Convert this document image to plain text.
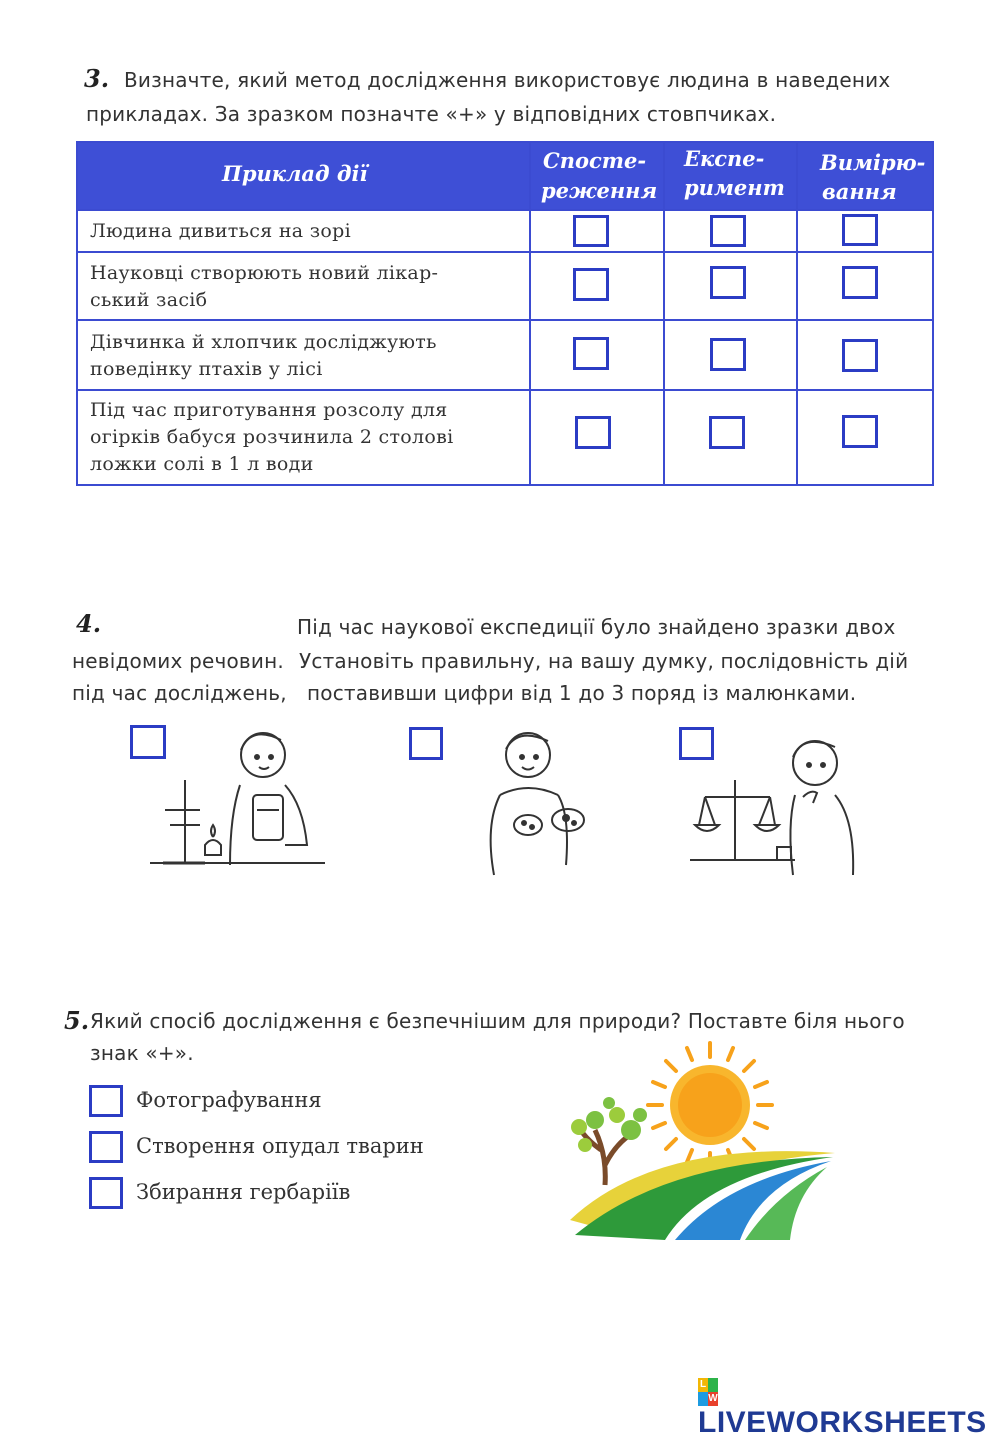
3. Визначте, який метод дослідження використовує людина в наведених
прикладах. За зразком позначте «+» у відповідних стовпчиках.
Приклад дії
Спосте-
реження
Експе-
римент
Вимірю-
вання
Людина дивиться на зорі
Науковці створюють новий лікар-
ський засіб
Дівчинка й хлопчик досліджують
поведінку птахів у лісі
Під час приготування розсолу для
огірків бабуся розчинила 2 столові
ложки солі в 1 л води
4.	Під час наукової експедиції було знайдено зразки двох
невідомих речовин. Установіть правильну, на вашу думку, послідовність дій
під час досліджень, поставивши цифри від 1 до 3 поряд із малюнками.
5. Який спосіб дослідження є безпечнішим для природи? Поставте біля нього
знак «+».
Фотографування
Створення опудал тварин
Збирання гербаріїв
L
W
LIVEWORKSHEETS
